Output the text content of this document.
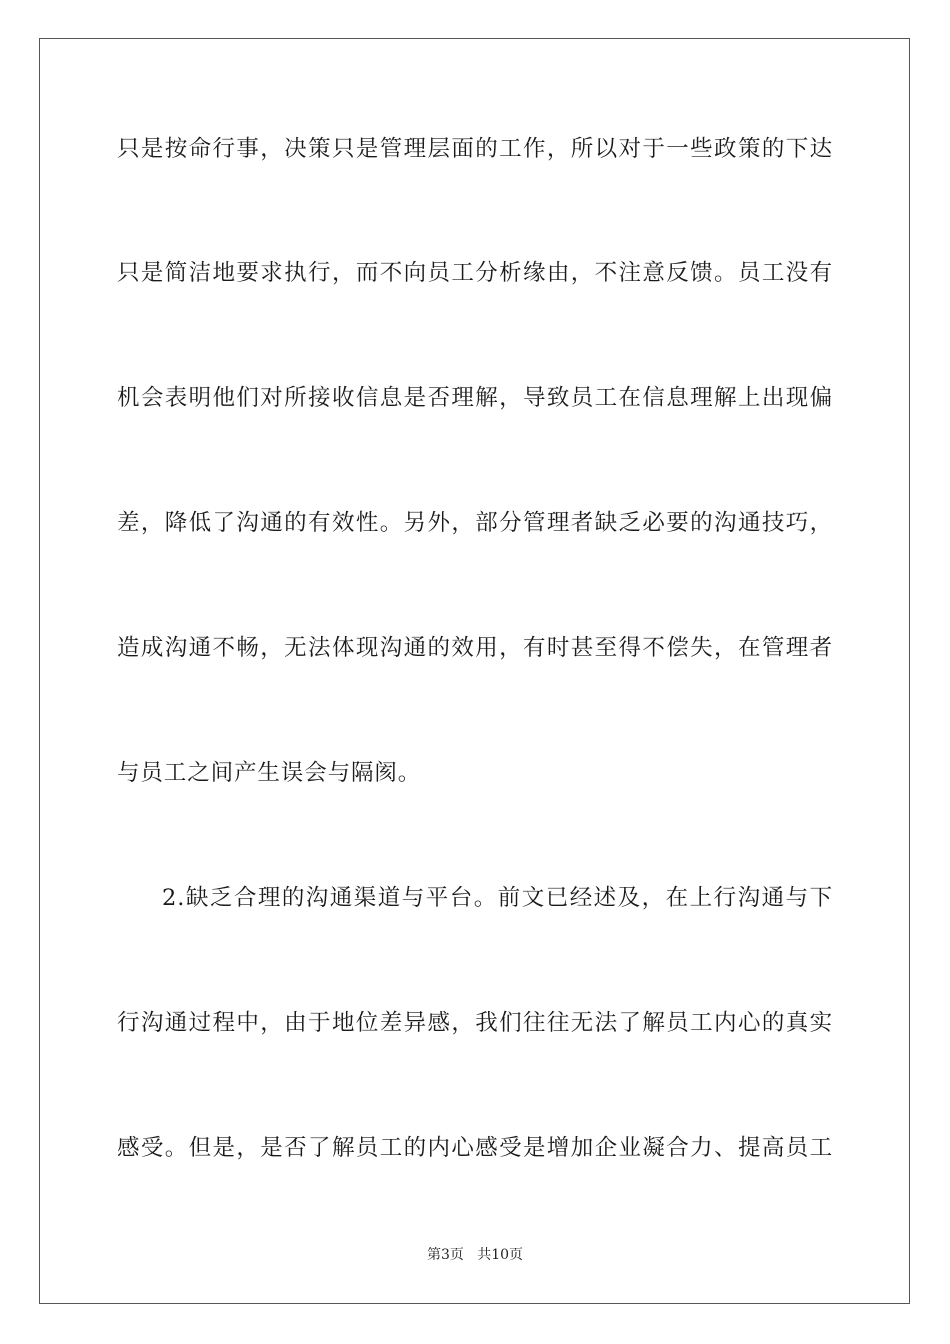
只是按命行事，决策只是管理层面的工作，所以对于一些政策的下达
只是简洁地要求执行，而不向员工分析缘由，不注意反馈。员工没有
机会表明他们对所接收信息是否理解，导致员工在信息理解上出现偏
差，降低了沟通的有效性。另外，部分管理者缺乏必要的沟通技巧，
造成沟通不畅，无法体现沟通的效用，有时甚至得不偿失，在管理者
与员工之间产生误会与隔阂。
2.缺乏合理的沟通渠道与平台。前文已经述及，在上行沟通与下
行沟通过程中，由于地位差异感，我们往往无法了解员工内心的真实
感受。但是，是否了解员工的内心感受是增加企业凝合力、提高员工
第3页   共10页
